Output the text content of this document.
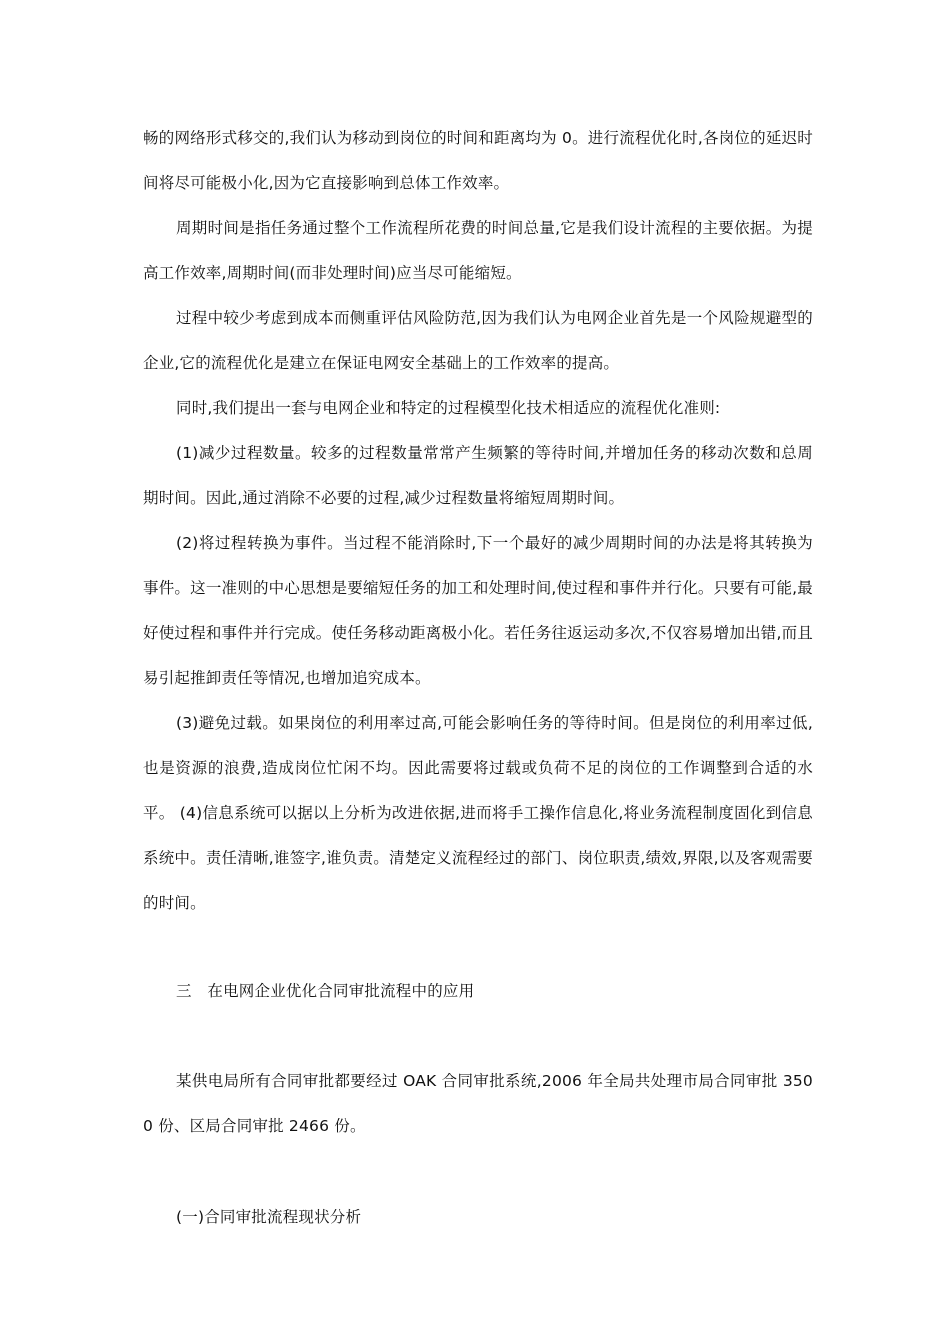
畅的网络形式移交的,我们认为移动到岗位的时间和距离均为 0。进行流程优化时,各岗位的延迟时间将尽可能极小化,因为它直接影响到总体工作效率。

周期时间是指任务通过整个工作流程所花费的时间总量,它是我们设计流程的主要依据。为提高工作效率,周期时间(而非处理时间)应当尽可能缩短。

过程中较少考虑到成本而侧重评估风险防范,因为我们认为电网企业首先是一个风险规避型的企业,它的流程优化是建立在保证电网安全基础上的工作效率的提高。

同时,我们提出一套与电网企业和特定的过程模型化技术相适应的流程优化准则:

(1)减少过程数量。较多的过程数量常常产生频繁的等待时间,并增加任务的移动次数和总周期时间。因此,通过消除不必要的过程,减少过程数量将缩短周期时间。

(2)将过程转换为事件。当过程不能消除时,下一个最好的减少周期时间的办法是将其转换为事件。这一准则的中心思想是要缩短任务的加工和处理时间,使过程和事件并行化。只要有可能,最好使过程和事件并行完成。使任务移动距离极小化。若任务往返运动多次,不仅容易增加出错,而且易引起推卸责任等情况,也增加追究成本。

(3)避免过载。如果岗位的利用率过高,可能会影响任务的等待时间。但是岗位的利用率过低,也是资源的浪费,造成岗位忙闲不均。因此需要将过载或负荷不足的岗位的工作调整到合适的水平。 (4)信息系统可以据以上分析为改进依据,进而将手工操作信息化,将业务流程制度固化到信息系统中。责任清晰,谁签字,谁负责。清楚定义流程经过的部门、岗位职责,绩效,界限,以及客观需要的时间。

三　在电网企业优化合同审批流程中的应用

某供电局所有合同审批都要经过 OAK 合同审批系统,2006 年全局共处理市局合同审批 3500 份、区局合同审批 2466 份。

(一)合同审批流程现状分析
